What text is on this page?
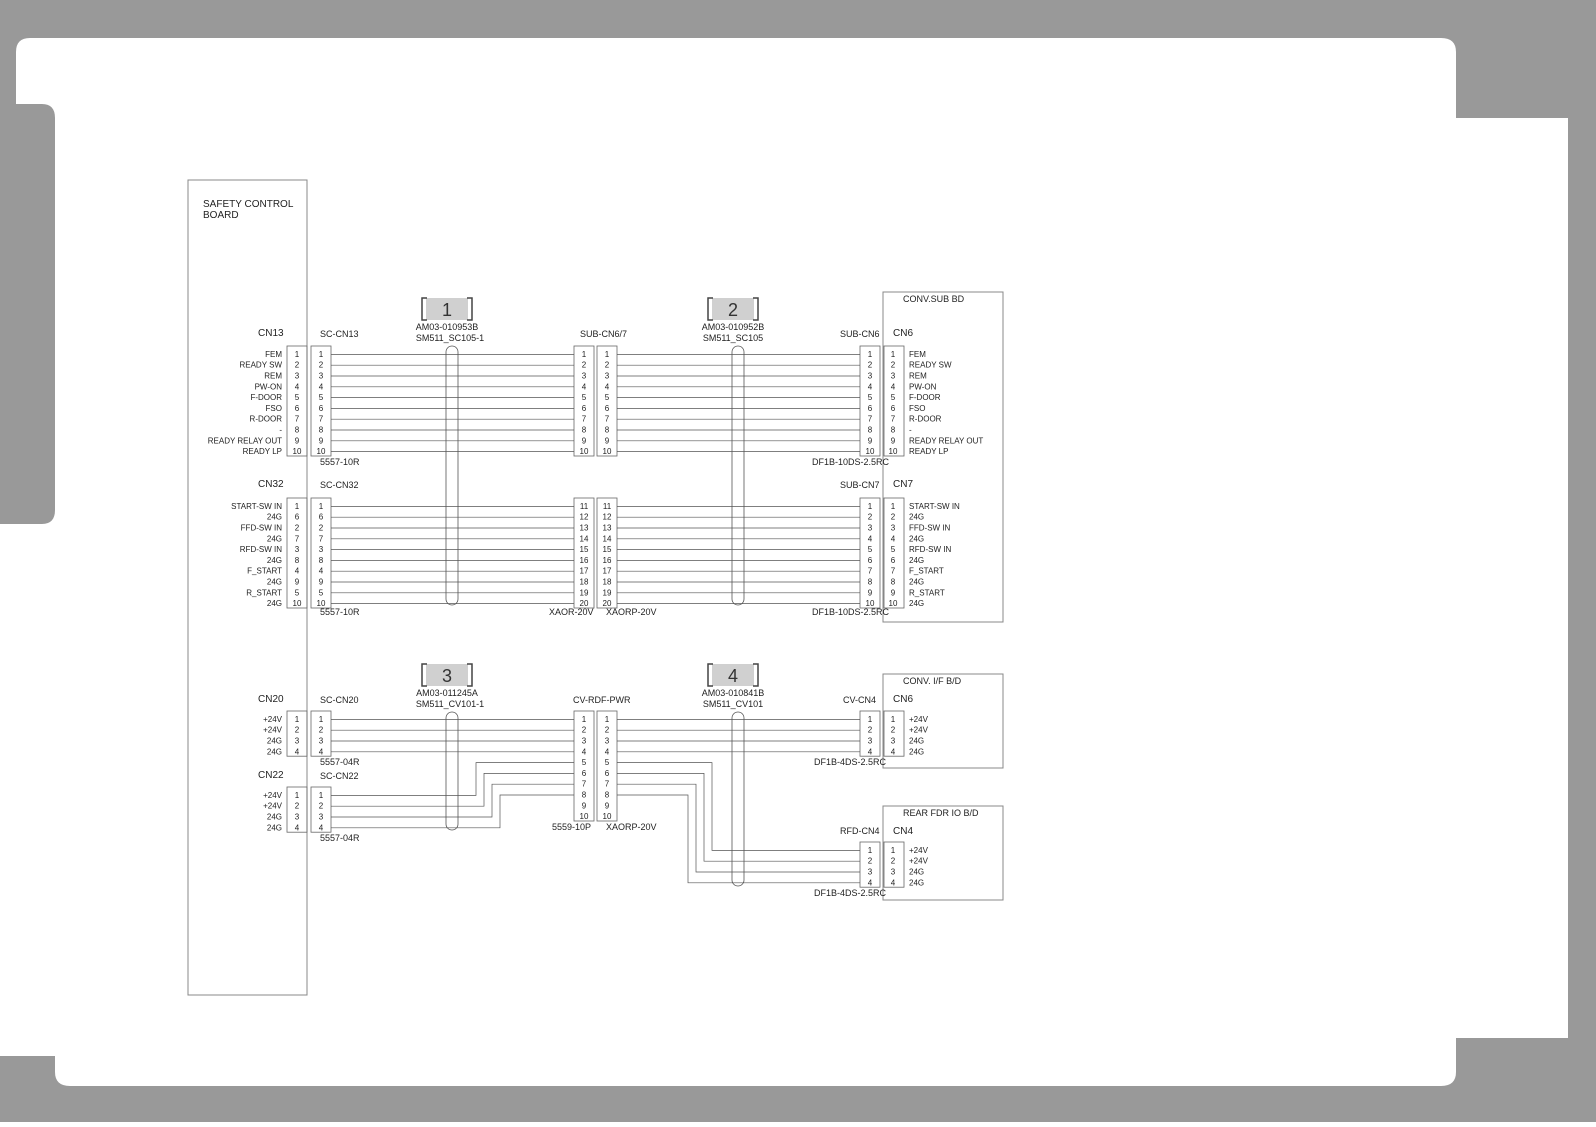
SAFETY CONTROL
BOARD
CONV.SUB BD
CONV. I/F B/D
REAR FDR IO B/D
1
AM03-010953B
SM511_SC105-1
2
AM03-010952B
SM511_SC105
3
AM03-011245A
SM511_CV101-1
4
AM03-010841B
SM511_CV101
CN13	SC-CN13
5557-10R
SUB-CN6/7	SUB-CN6 CN6
DF1B-10DS-2.5RC
CN32	SC-CN32
5557-10R	XAOR-20V XAORP-20V
SUB-CN7 CN7
DF1B-10DS-2.5RC
CN20	SC-CN20
5557-04R
CN22	SC-CN22
5557-04R
CV-RDF-PWR
5559-10P XAORP-20V
CV-CN4 CN6
DF1B-4DS-2.5RC
RFD-CN4 CN4
DF1B-4DS-2.5RC
FEM 1 1	1 1	1 1 FEM
READY SW 2 2	2 2	2 2 READY SW
REM 3 3	3 3	3 3 REM
PW-ON 4 4	4 4	4 4 PW-ON
F-DOOR 5 5	5 5	5 5 F-DOOR
FSO 6 6	6 6	6 6 FSO
R-DOOR 7 7	7 7	7 7 R-DOOR
- 8 8	8 8	8 8 -
READY RELAY OUT 9 9	9 9	9 9 READY RELAY OUT
READY LP 10 10	10 10	10 10 READY LP
START-SW IN 1 1	11 11	1 1 START-SW IN
24G 6 6	12 12	2 2 24G
FFD-SW IN 2 2	13 13	3 3 FFD-SW IN
24G 7 7	14 14	4 4 24G
RFD-SW IN 3 3	15 15	5 5 RFD-SW IN
24G 8 8	16 16	6 6 24G
F_START 4 4	17 17	7 7 F_START
24G 9 9	18 18	8 8 24G
R_START 5 5	19 19	9 9 R_START
24G 10 10	20 20	10 10 24G
+24V 1 1
+24V 2 2
24G 3 3
24G 4 4
+24V 1 1
+24V 2 2
24G 3 3
24G 4 4
1 1
2 2
3 3
4 4
5 5
6 6
7 7
8 8
9 9
10 10
1 1 +24V
2 2 +24V
3 3 24G
4 4 24G
1 1 +24V
2 2 +24V
3 3 24G
4 4 24G
